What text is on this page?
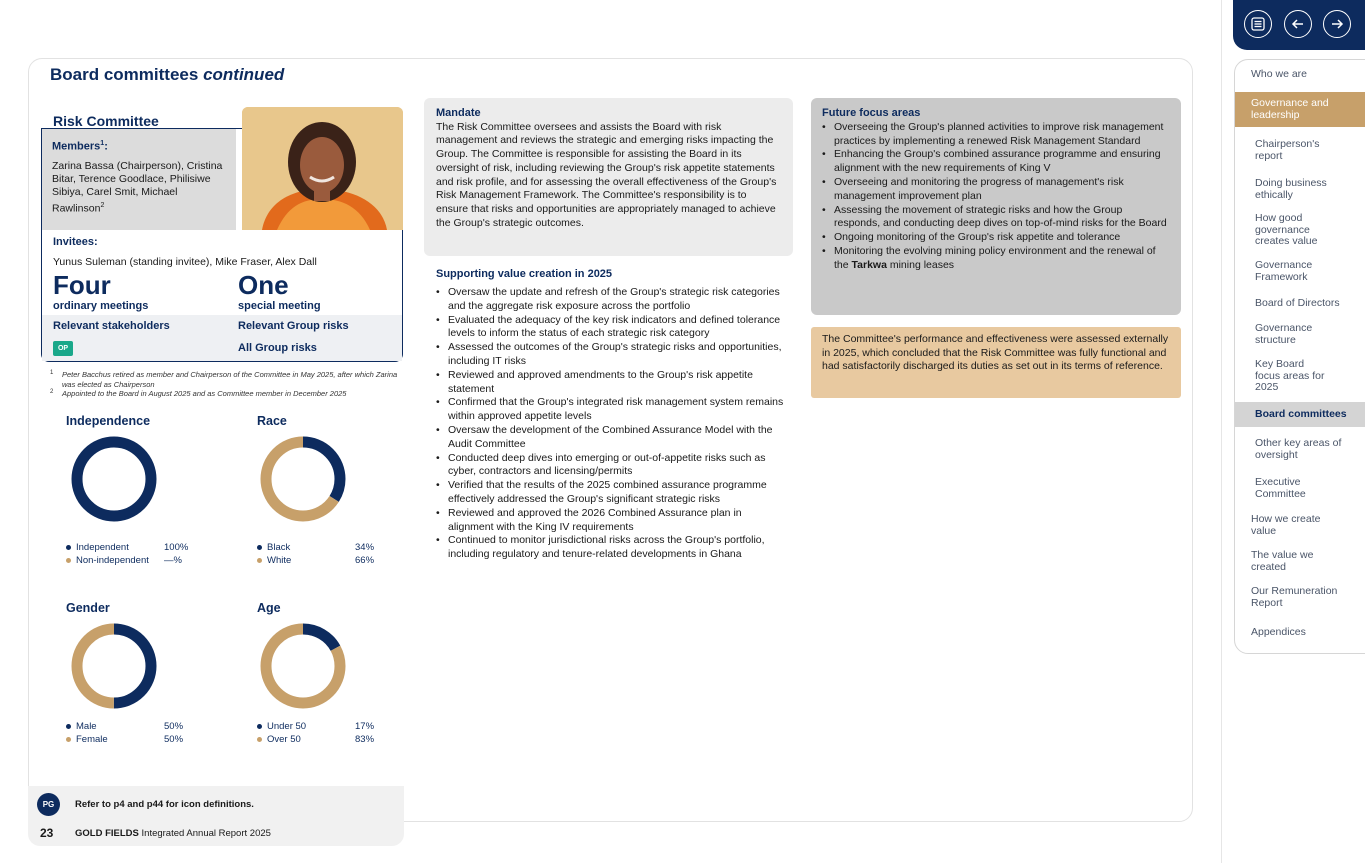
Board committees continued
Risk Committee
Members$^1$:
Zarina Bassa (Chairperson), Cristina Bitar, Terence Goodlace, Philisiwe Sibiya, Carel Smit, Michael Rawlinson$^2$
Invitees:
Yunus Suleman (standing invitee), Mike Fraser, Alex Dall
Four
ordinary meetings
One
special meeting
Relevant stakeholders	Relevant Group risks
OP	All Group risks
1 Peter Bacchus retired as member and Chairperson of the Committee in May 2025, after which Zarina was elected as Chairperson
2 Appointed to the Board in August 2025 and as Committee member in December 2025
Independence
Independent	100%
Non-independent	—%
Race
Black	34%
White	66%
Gender
Male	50%
Female	50%
Age
Under 50	17%
Over 50	83%
Mandate
The Risk Committee oversees and assists the Board with risk management and reviews the strategic and emerging risks impacting the Group. The Committee is responsible for assisting the Board in its oversight of risk, including reviewing the Group's risk appetite statements and risk profile, and for assessing the overall effectiveness of the Group's Risk Management Framework. The Committee's responsibility is to ensure that risks and opportunities are appropriately managed to achieve the Group's strategic outcomes.
Supporting value creation in 2025
• Oversaw the update and refresh of the Group's strategic risk categories and the aggregate risk exposure across the portfolio
• Evaluated the adequacy of the key risk indicators and defined tolerance levels to inform the status of each strategic risk category
• Assessed the outcomes of the Group's strategic risks and opportunities, including IT risks
• Reviewed and approved amendments to the Group's risk appetite statement
• Confirmed that the Group's integrated risk management system remains within approved appetite levels
• Oversaw the development of the Combined Assurance Model with the Audit Committee
• Conducted deep dives into emerging or out-of-appetite risks such as cyber, contractors and licensing/permits
• Verified that the results of the 2025 combined assurance programme effectively addressed the Group's significant strategic risks
• Reviewed and approved the 2026 Combined Assurance plan in alignment with the King IV requirements
• Continued to monitor jurisdictional risks across the Group's portfolio, including regulatory and tenure-related developments in Ghana
Future focus areas
• Overseeing the Group's planned activities to improve risk management practices by implementing a renewed Risk Management Standard
• Enhancing the Group's combined assurance programme and ensuring alignment with the new requirements of King V
• Overseeing and monitoring the progress of management's risk management improvement plan
• Assessing the movement of strategic risks and how the Group responds, and conducting deep dives on top-of-mind risks for the Board
• Ongoing monitoring of the Group's risk appetite and tolerance
• Monitoring the evolving mining policy environment and the renewal of the Tarkwa mining leases
The Committee's performance and effectiveness were assessed externally in 2025, which concluded that the Risk Committee was fully functional and had satisfactorily discharged its duties as set out in its terms of reference.
PG	Refer to p4 and p44 for icon definitions.
23 GOLD FIELDS Integrated Annual Report 2025
Who we are
Governance and leadership
Chairperson's report
Doing business ethically
How good governance creates value
Governance Framework
Board of Directors
Governance structure
Key Board focus areas for 2025
Board committees
Other key areas of oversight
Executive Committee
How we create value
The value we created
Our Remuneration Report
Appendices
